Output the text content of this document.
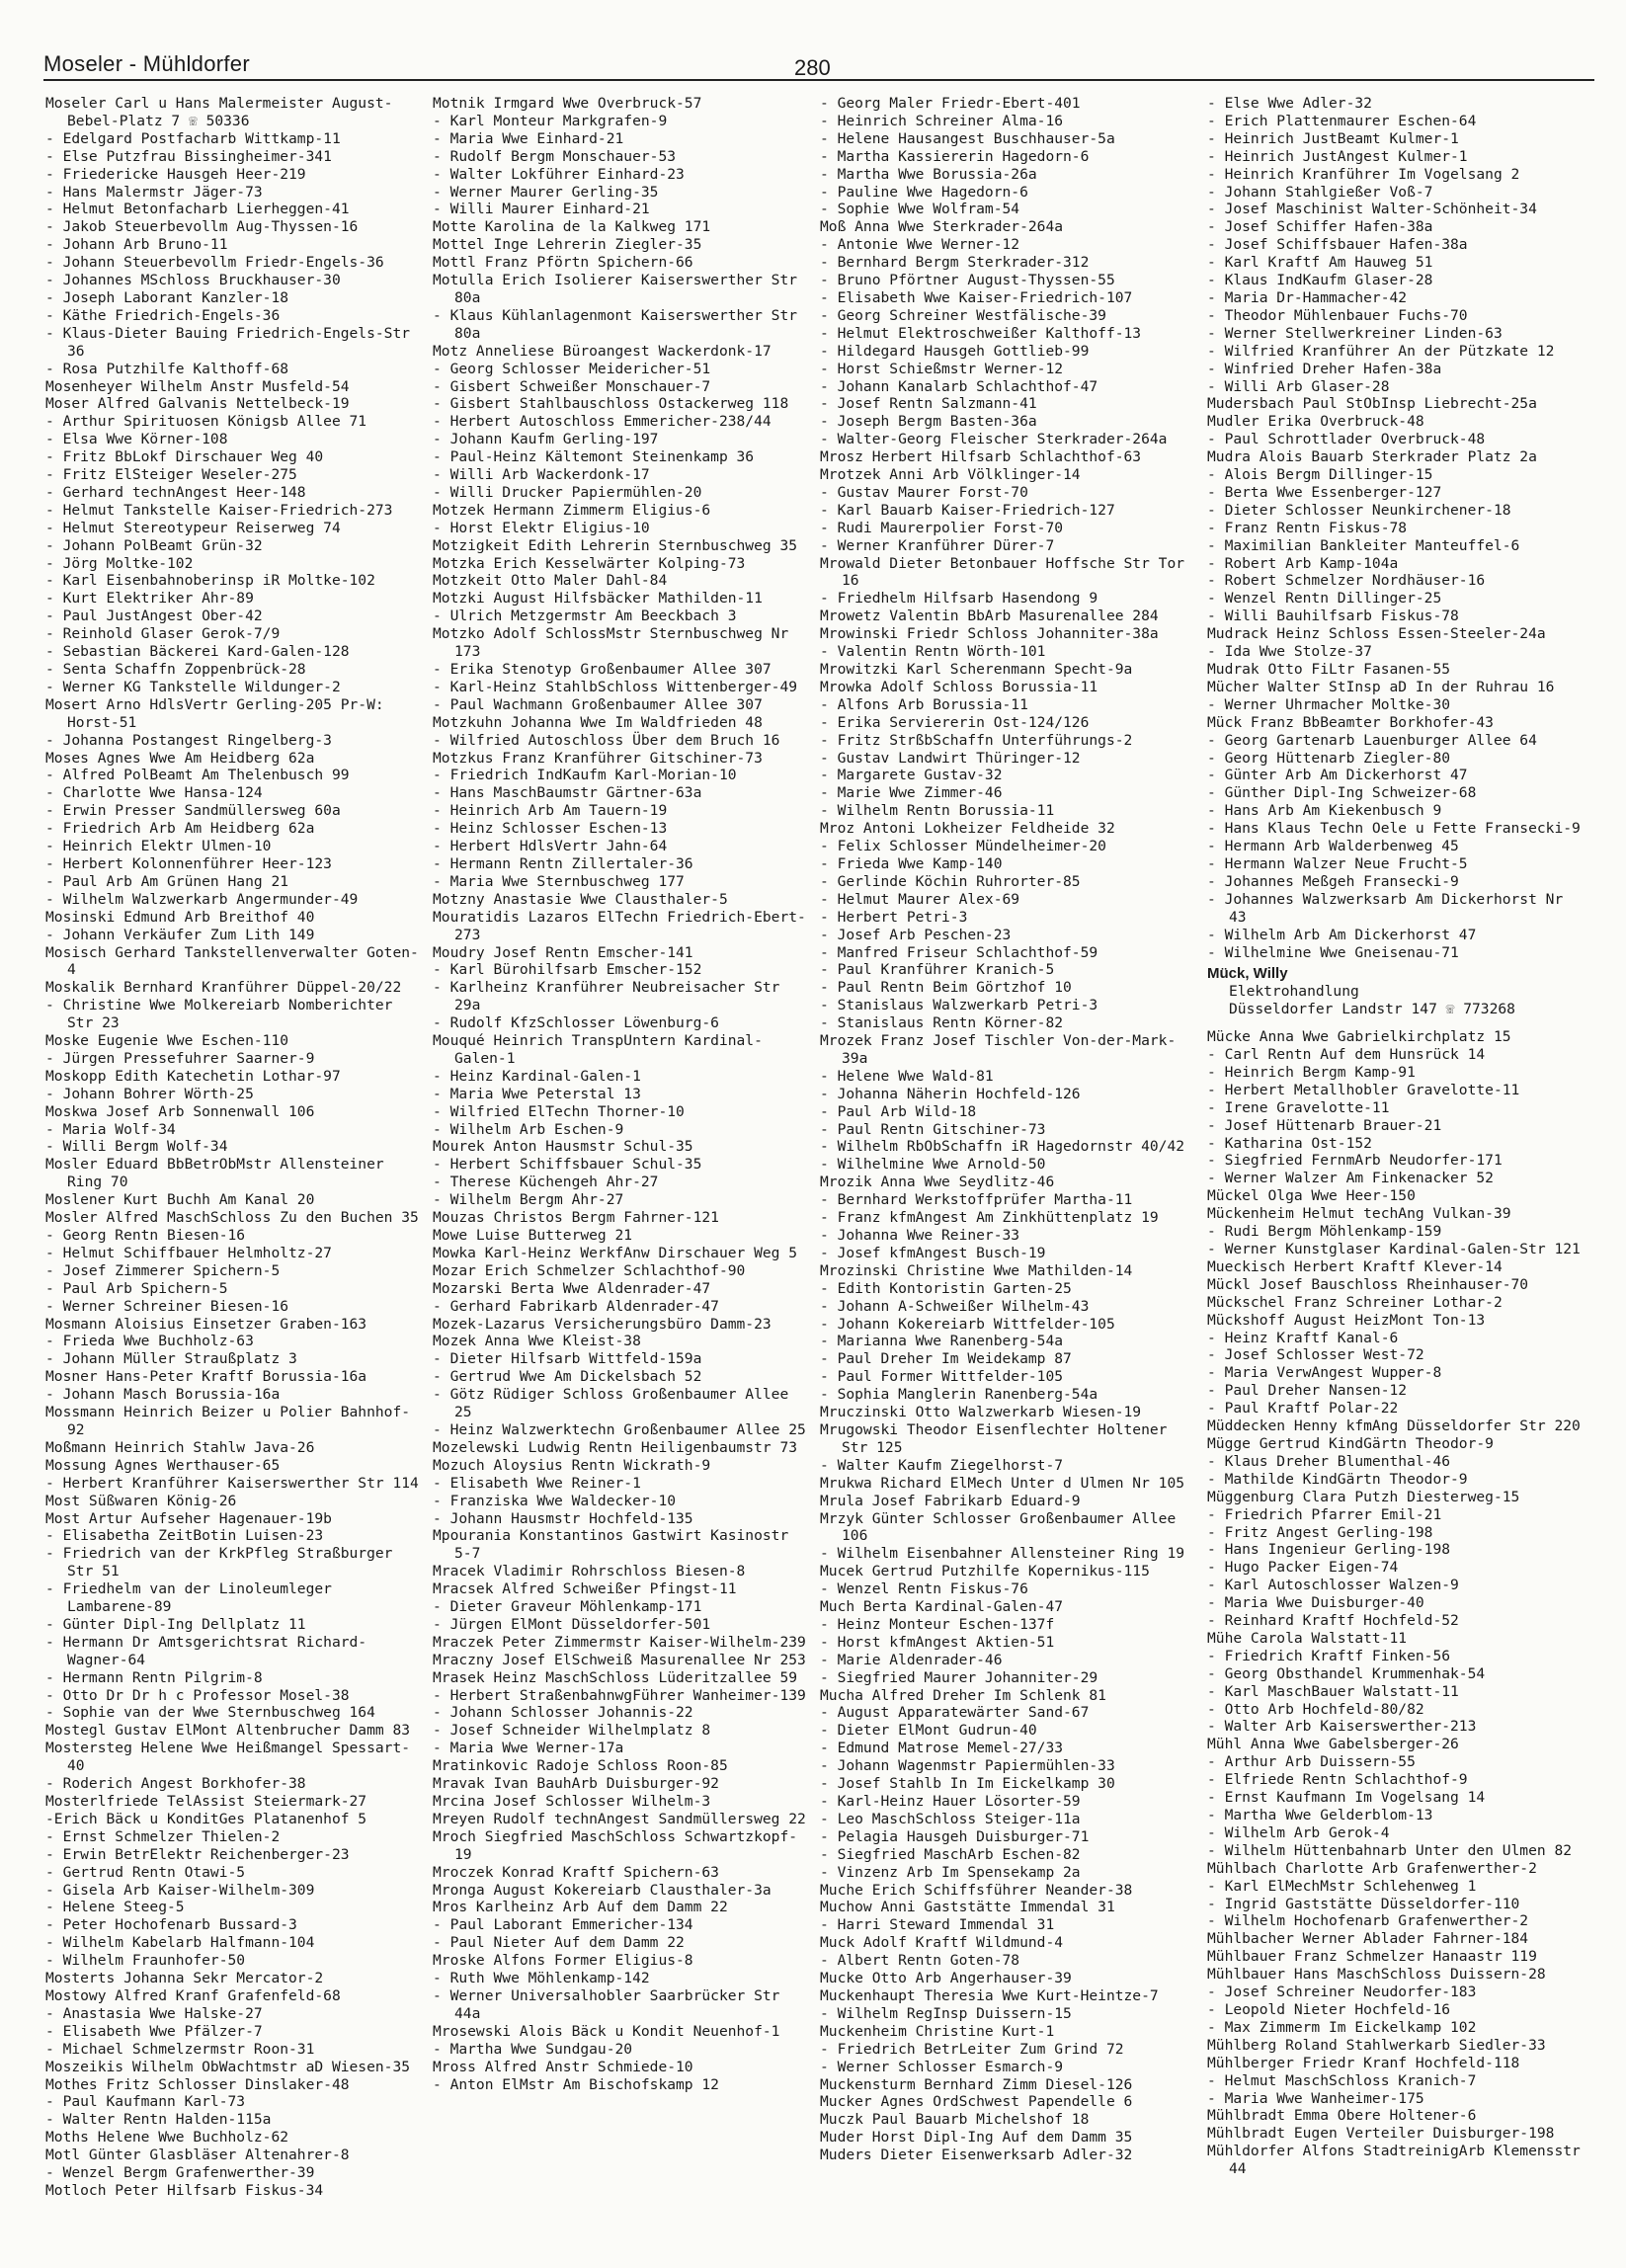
Moseler - Mühldorfer	280

Moseler Carl u Hans Malermeister August-Bebel-Platz 7 ☏ 50336

- Edelgard Postfacharb Wittkamp-11

- Else Putzfrau Bissingheimer-341

- Friedericke Hausgeh Heer-219

- Hans Malermstr Jäger-73

- Helmut Betonfacharb Lierheggen-41

- Jakob Steuerbevollm Aug-Thyssen-16

- Johann Arb Bruno-11

- Johann Steuerbevollm Friedr-Engels-36

- Johannes MSchloss Bruckhauser-30

- Joseph Laborant Kanzler-18

- Käthe Friedrich-Engels-36

- Klaus-Dieter Bauing Friedrich-Engels-Str 36

- Rosa Putzhilfe Kalthoff-68

Mosenheyer Wilhelm Anstr Musfeld-54

Moser Alfred Galvanis Nettelbeck-19

- Arthur Spirituosen Königsb Allee 71

- Elsa Wwe Körner-108

- Fritz BbLokf Dirschauer Weg 40

- Fritz ElSteiger Weseler-275

- Gerhard technAngest Heer-148

- Helmut Tankstelle Kaiser-Friedrich-273

- Helmut Stereotypeur Reiserweg 74

- Johann PolBeamt Grün-32

- Jörg Moltke-102

- Karl Eisenbahnoberinsp iR Moltke-102

- Kurt Elektriker Ahr-89

- Paul JustAngest Ober-42

- Reinhold Glaser Gerok-7/9

- Sebastian Bäckerei Kard-Galen-128

- Senta Schaffn Zoppenbrück-28

- Werner KG Tankstelle Wildunger-2

Mosert Arno HdlsVertr Gerling-205 Pr-W: Horst-51

- Johanna Postangest Ringelberg-3

Moses Agnes Wwe Am Heidberg 62a

- Alfred PolBeamt Am Thelenbusch 99

- Charlotte Wwe Hansa-124

- Erwin Presser Sandmüllersweg 60a

- Friedrich Arb Am Heidberg 62a

- Heinrich Elektr Ulmen-10

- Herbert Kolonnenführer Heer-123

- Paul Arb Am Grünen Hang 21

- Wilhelm Walzwerkarb Angermunder-49

Mosinski Edmund Arb Breithof 40

- Johann Verkäufer Zum Lith 149

Mosisch Gerhard Tankstellenverwalter Goten-4

Moskalik Bernhard Kranführer Düppel-20/22

- Christine Wwe Molkereiarb Nomberichter Str 23

Moske Eugenie Wwe Eschen-110

- Jürgen Pressefuhrer Saarner-9

Moskopp Edith Katechetin Lothar-97

- Johann Bohrer Wörth-25

Moskwa Josef Arb Sonnenwall 106

- Maria Wolf-34

- Willi Bergm Wolf-34

Mosler Eduard BbBetrObMstr Allensteiner Ring 70

Moslener Kurt Buchh Am Kanal 20

Mosler Alfred MaschSchloss Zu den Buchen 35

- Georg Rentn Biesen-16

- Helmut Schiffbauer Helmholtz-27

- Josef Zimmerer Spichern-5

- Paul Arb Spichern-5

- Werner Schreiner Biesen-16

Mosmann Aloisius Einsetzer Graben-163

- Frieda Wwe Buchholz-63

- Johann Müller Straußplatz 3

Mosner Hans-Peter Kraftf Borussia-16a

- Johann Masch Borussia-16a

Mossmann Heinrich Beizer u Polier Bahnhof-92

Moßmann Heinrich Stahlw Java-26

Mossung Agnes Werthauser-65

- Herbert Kranführer Kaiserswerther Str 114

Most Süßwaren König-26

Most Artur Aufseher Hagenauer-19b

- Elisabetha ZeitBotin Luisen-23

- Friedrich van der KrkPfleg Straßburger Str 51

- Friedhelm van der Linoleumleger Lambarene-89

- Günter Dipl-Ing Dellplatz 11

- Hermann Dr Amtsgerichtsrat Richard-Wagner-64

- Hermann Rentn Pilgrim-8

- Otto Dr Dr h c Professor Mosel-38

- Sophie van der Wwe Sternbuschweg 164

Mostegl Gustav ElMont Altenbrucher Damm 83

Mostersteg Helene Wwe Heißmangel Spessart-40

- Roderich Angest Borkhofer-38

Mosterlfriede TelAssist Steiermark-27

-Erich Bäck u KonditGes Platanenhof 5

- Ernst Schmelzer Thielen-2

- Erwin BetrElektr Reichenberger-23

- Gertrud Rentn Otawi-5

- Gisela Arb Kaiser-Wilhelm-309

- Helene Steeg-5

- Peter Hochofenarb Bussard-3

- Wilhelm Kabelarb Halfmann-104

- Wilhelm Fraunhofer-50

Mosterts Johanna Sekr Mercator-2

Mostowy Alfred Kranf Grafenfeld-68

- Anastasia Wwe Halske-27

- Elisabeth Wwe Pfälzer-7

- Michael Schmelzermstr Roon-31

Moszeikis Wilhelm ObWachtmstr aD Wiesen-35

Mothes Fritz Schlosser Dinslaker-48

- Paul Kaufmann Karl-73

- Walter Rentn Halden-115a

Moths Helene Wwe Buchholz-62

Motl Günter Glasbläser Altenahrer-8

- Wenzel Bergm Grafenwerther-39

Motloch Peter Hilfsarb Fiskus-34

Motnik Irmgard Wwe Overbruck-57

- Karl Monteur Markgrafen-9

- Maria Wwe Einhard-21

- Rudolf Bergm Monschauer-53

- Walter Lokführer Einhard-23

- Werner Maurer Gerling-35

- Willi Maurer Einhard-21

Motte Karolina de la Kalkweg 171

Mottel Inge Lehrerin Ziegler-35

Mottl Franz Pförtn Spichern-66

Motulla Erich Isolierer Kaiserswerther Str 80a

- Klaus Kühlanlagenmont Kaiserswerther Str 80a

Motz Anneliese Büroangest Wackerdonk-17

- Georg Schlosser Meidericher-51

- Gisbert Schweißer Monschauer-7

- Gisbert Stahlbauschloss Ostackerweg 118

- Herbert Autoschloss Emmericher-238/44

- Johann Kaufm Gerling-197

- Paul-Heinz Kältemont Steinenkamp 36

- Willi Arb Wackerdonk-17

- Willi Drucker Papiermühlen-20

Motzek Hermann Zimmerm Eligius-6

- Horst Elektr Eligius-10

Motzigkeit Edith Lehrerin Sternbuschweg 35

Motzka Erich Kesselwärter Kolping-73

Motzkeit Otto Maler Dahl-84

Motzki August Hilfsbäcker Mathilden-11

- Ulrich Metzgermstr Am Beeckbach 3

Motzko Adolf SchlossMstr Sternbuschweg Nr 173

- Erika Stenotyp Großenbaumer Allee 307

- Karl-Heinz StahlbSchloss Wittenberger-49

- Paul Wachmann Großenbaumer Allee 307

Motzkuhn Johanna Wwe Im Waldfrieden 48

- Wilfried Autoschloss Über dem Bruch 16

Motzkus Franz Kranführer Gitschiner-73

- Friedrich IndKaufm Karl-Morian-10

- Hans MaschBaumstr Gärtner-63a

- Heinrich Arb Am Tauern-19

- Heinz Schlosser Eschen-13

- Herbert HdlsVertr Jahn-64

- Hermann Rentn Zillertaler-36

- Maria Wwe Sternbuschweg 177

Motzny Anastasie Wwe Clausthaler-5

Mouratidis Lazaros ElTechn Friedrich-Ebert-273

Moudry Josef Rentn Emscher-141

- Karl Bürohilfsarb Emscher-152

- Karlheinz Kranführer Neubreisacher Str 29a

- Rudolf KfzSchlosser Löwenburg-6

Mouqué Heinrich TranspUntern Kardinal-Galen-1

- Heinz Kardinal-Galen-1

- Maria Wwe Peterstal 13

- Wilfried ElTechn Thorner-10

- Wilhelm Arb Eschen-9

Mourek Anton Hausmstr Schul-35

- Herbert Schiffsbauer Schul-35

- Therese Küchengeh Ahr-27

- Wilhelm Bergm Ahr-27

Mouzas Christos Bergm Fahrner-121

Mowe Luise Butterweg 21

Mowka Karl-Heinz WerkfAnw Dirschauer Weg 5

Mozar Erich Schmelzer Schlachthof-90

Mozarski Berta Wwe Aldenrader-47

- Gerhard Fabrikarb Aldenrader-47

Mozek-Lazarus Versicherungsbüro Damm-23

Mozek Anna Wwe Kleist-38

- Dieter Hilfsarb Wittfeld-159a

- Gertrud Wwe Am Dickelsbach 52

- Götz Rüdiger Schloss Großenbaumer Allee 25

- Heinz Walzwerktechn Großenbaumer Allee 25

Mozelewski Ludwig Rentn Heiligenbaumstr 73

Mozuch Aloysius Rentn Wickrath-9

- Elisabeth Wwe Reiner-1

- Franziska Wwe Waldecker-10

- Johann Hausmstr Hochfeld-135

Mpourania Konstantinos Gastwirt Kasinostr 5-7

Mracek Vladimir Rohrschloss Biesen-8

Mracsek Alfred Schweißer Pfingst-11

- Dieter Graveur Möhlenkamp-171

- Jürgen ElMont Düsseldorfer-501

Mraczek Peter Zimmermstr Kaiser-Wilhelm-239

Mraczny Josef ElSchweiß Masurenallee Nr 253

Mrasek Heinz MaschSchloss Lüderitzallee 59

- Herbert StraßenbahnwgFührer Wanheimer-139

- Johann Schlosser Johannis-22

- Josef Schneider Wilhelmplatz 8

- Maria Wwe Werner-17a

Mratinkovic Radoje Schloss Roon-85

Mravak Ivan BauhArb Duisburger-92

Mrcina Josef Schlosser Wilhelm-3

Mreyen Rudolf technAngest Sandmüllersweg 22

Mroch Siegfried MaschSchloss Schwartzkopf-19

Mroczek Konrad Kraftf Spichern-63

Mronga August Kokereiarb Clausthaler-3a

Mros Karlheinz Arb Auf dem Damm 22

- Paul Laborant Emmericher-134

- Paul Nieter Auf dem Damm 22

Mroske Alfons Former Eligius-8

- Ruth Wwe Möhlenkamp-142

- Werner Universalhobler Saarbrücker Str 44a

Mrosewski Alois Bäck u Kondit Neuenhof-1

- Martha Wwe Sundgau-20

Mross Alfred Anstr Schmiede-10

- Anton ElMstr Am Bischofskamp 12

- Georg Maler Friedr-Ebert-401

- Heinrich Schreiner Alma-16

- Helene Hausangest Buschhauser-5a

- Martha Kassiererin Hagedorn-6

- Martha Wwe Borussia-26a

- Pauline Wwe Hagedorn-6

- Sophie Wwe Wolfram-54

Moß Anna Wwe Sterkrader-264a

- Antonie Wwe Werner-12

- Bernhard Bergm Sterkrader-312

- Bruno Pförtner August-Thyssen-55

- Elisabeth Wwe Kaiser-Friedrich-107

- Georg Schreiner Westfälische-39

- Helmut Elektroschweißer Kalthoff-13

- Hildegard Hausgeh Gottlieb-99

- Horst Schießmstr Werner-12

- Johann Kanalarb Schlachthof-47

- Josef Rentn Salzmann-41

- Joseph Bergm Basten-36a

- Walter-Georg Fleischer Sterkrader-264a

Mrosz Herbert Hilfsarb Schlachthof-63

Mrotzek Anni Arb Völklinger-14

- Gustav Maurer Forst-70

- Karl Bauarb Kaiser-Friedrich-127

- Rudi Maurerpolier Forst-70

- Werner Kranführer Dürer-7

Mrowald Dieter Betonbauer Hoffsche Str Tor 16

- Friedhelm Hilfsarb Hasendong 9

Mrowetz Valentin BbArb Masurenallee 284

Mrowinski Friedr Schloss Johanniter-38a

- Valentin Rentn Wörth-101

Mrowitzki Karl Scherenmann Specht-9a

Mrowka Adolf Schloss Borussia-11

- Alfons Arb Borussia-11

- Erika Serviererin Ost-124/126

- Fritz StrßbSchaffn Unterführungs-2

- Gustav Landwirt Thüringer-12

- Margarete Gustav-32

- Marie Wwe Zimmer-46

- Wilhelm Rentn Borussia-11

Mroz Antoni Lokheizer Feldheide 32

- Felix Schlosser Mündelheimer-20

- Frieda Wwe Kamp-140

- Gerlinde Köchin Ruhrorter-85

- Helmut Maurer Alex-69

- Herbert Petri-3

- Josef Arb Peschen-23

- Manfred Friseur Schlachthof-59

- Paul Kranführer Kranich-5

- Paul Rentn Beim Görtzhof 10

- Stanislaus Walzwerkarb Petri-3

- Stanislaus Rentn Körner-82

Mrozek Franz Josef Tischler Von-der-Mark-39a

- Helene Wwe Wald-81

- Johanna Näherin Hochfeld-126

- Paul Arb Wild-18

- Paul Rentn Gitschiner-73

- Wilhelm RbObSchaffn iR Hagedornstr 40/42

- Wilhelmine Wwe Arnold-50

Mrozik Anna Wwe Seydlitz-46

- Bernhard Werkstoffprüfer Martha-11

- Franz kfmAngest Am Zinkhüttenplatz 19

- Johanna Wwe Reiner-33

- Josef kfmAngest Busch-19

Mrozinski Christine Wwe Mathilden-14

- Edith Kontoristin Garten-25

- Johann A-Schweißer Wilhelm-43

- Johann Kokereiarb Wittfelder-105

- Marianna Wwe Ranenberg-54a

- Paul Dreher Im Weidekamp 87

- Paul Former Wittfelder-105

- Sophia Manglerin Ranenberg-54a

Mruczinski Otto Walzwerkarb Wiesen-19

Mrugowski Theodor Eisenflechter Holtener Str 125

- Walter Kaufm Ziegelhorst-7

Mrukwa Richard ElMech Unter d Ulmen Nr 105

Mrula Josef Fabrikarb Eduard-9

Mrzyk Günter Schlosser Großenbaumer Allee 106

- Wilhelm Eisenbahner Allensteiner Ring 19

Mucek Gertrud Putzhilfe Kopernikus-115

- Wenzel Rentn Fiskus-76

Much Berta Kardinal-Galen-47

- Heinz Monteur Eschen-137f

- Horst kfmAngest Aktien-51

- Marie Aldenrader-46

- Siegfried Maurer Johanniter-29

Mucha Alfred Dreher Im Schlenk 81

- August Apparatewärter Sand-67

- Dieter ElMont Gudrun-40

- Edmund Matrose Memel-27/33

- Johann Wagenmstr Papiermühlen-33

- Josef Stahlb In Im Eickelkamp 30

- Karl-Heinz Hauer Lösorter-59

- Leo MaschSchloss Steiger-11a

- Pelagia Hausgeh Duisburger-71

- Siegfried MaschArb Eschen-82

- Vinzenz Arb Im Spensekamp 2a

Muche Erich Schiffsführer Neander-38

Muchow Anni Gaststätte Immendal 31

- Harri Steward Immendal 31

Muck Adolf Kraftf Wildmund-4

- Albert Rentn Goten-78

Mucke Otto Arb Angerhauser-39

Muckenhaupt Theresia Wwe Kurt-Heintze-7

- Wilhelm RegInsp Duissern-15

Muckenheim Christine Kurt-1

- Friedrich BetrLeiter Zum Grind 72

- Werner Schlosser Esmarch-9

Muckensturm Bernhard Zimm Diesel-126

Mucker Agnes OrdSchwest Papendelle 6

Muczk Paul Bauarb Michelshof 18

Muder Horst Dipl-Ing Auf dem Damm 35

Muders Dieter Eisenwerksarb Adler-32

- Else Wwe Adler-32

- Erich Plattenmaurer Eschen-64

- Heinrich JustBeamt Kulmer-1

- Heinrich JustAngest Kulmer-1

- Heinrich Kranführer Im Vogelsang 2

- Johann Stahlgießer Voß-7

- Josef Maschinist Walter-Schönheit-34

- Josef Schiffer Hafen-38a

- Josef Schiffsbauer Hafen-38a

- Karl Kraftf Am Hauweg 51

- Klaus IndKaufm Glaser-28

- Maria Dr-Hammacher-42

- Theodor Mühlenbauer Fuchs-70

- Werner Stellwerkreiner Linden-63

- Wilfried Kranführer An der Pützkate 12

- Winfried Dreher Hafen-38a

- Willi Arb Glaser-28

Mudersbach Paul StObInsp Liebrecht-25a

Mudler Erika Overbruck-48

- Paul Schrottlader Overbruck-48

Mudra Alois Bauarb Sterkrader Platz 2a

- Alois Bergm Dillinger-15

- Berta Wwe Essenberger-127

- Dieter Schlosser Neunkirchener-18

- Franz Rentn Fiskus-78

- Maximilian Bankleiter Manteuffel-6

- Robert Arb Kamp-104a

- Robert Schmelzer Nordhäuser-16

- Wenzel Rentn Dillinger-25

- Willi Bauhilfsarb Fiskus-78

Mudrack Heinz Schloss Essen-Steeler-24a

- Ida Wwe Stolze-37

Mudrak Otto FiLtr Fasanen-55

Mücher Walter StInsp aD In der Ruhrau 16

- Werner Uhrmacher Moltke-30

Mück Franz BbBeamter Borkhofer-43

- Georg Gartenarb Lauenburger Allee 64

- Georg Hüttenarb Ziegler-80

- Günter Arb Am Dickerhorst 47

- Günther Dipl-Ing Schweizer-68

- Hans Arb Am Kiekenbusch 9

- Hans Klaus Techn Oele u Fette Fransecki-9

- Hermann Arb Walderbenweg 45

- Hermann Walzer Neue Frucht-5

- Johannes Meßgeh Fransecki-9

- Johannes Walzwerksarb Am Dickerhorst Nr 43

- Wilhelm Arb Am Dickerhorst 47

- Wilhelmine Wwe Gneisenau-71

Mück, Willy

Elektrohandlung

Düsseldorfer Landstr 147 ☏ 773268

Mücke Anna Wwe Gabrielkirchplatz 15

- Carl Rentn Auf dem Hunsrück 14

- Heinrich Bergm Kamp-91

- Herbert Metallhobler Gravelotte-11

- Irene Gravelotte-11

- Josef Hüttenarb Brauer-21

- Katharina Ost-152

- Siegfried FernmArb Neudorfer-171

- Werner Walzer Am Finkenacker 52

Mückel Olga Wwe Heer-150

Mückenheim Helmut techAng Vulkan-39

- Rudi Bergm Möhlenkamp-159

- Werner Kunstglaser Kardinal-Galen-Str 121

Mueckisch Herbert Kraftf Klever-14

Mückl Josef Bauschloss Rheinhauser-70

Mückschel Franz Schreiner Lothar-2

Mückshoff August HeizMont Ton-13

- Heinz Kraftf Kanal-6

- Josef Schlosser West-72

- Maria VerwAngest Wupper-8

- Paul Dreher Nansen-12

- Paul Kraftf Polar-22

Müddecken Henny kfmAng Düsseldorfer Str 220

Mügge Gertrud KindGärtn Theodor-9

- Klaus Dreher Blumenthal-46

- Mathilde KindGärtn Theodor-9

Müggenburg Clara Putzh Diesterweg-15

- Friedrich Pfarrer Emil-21

- Fritz Angest Gerling-198

- Hans Ingenieur Gerling-198

- Hugo Packer Eigen-74

- Karl Autoschlosser Walzen-9

- Maria Wwe Duisburger-40

- Reinhard Kraftf Hochfeld-52

Mühe Carola Walstatt-11

- Friedrich Kraftf Finken-56

- Georg Obsthandel Krummenhak-54

- Karl MaschBauer Walstatt-11

- Otto Arb Hochfeld-80/82

- Walter Arb Kaiserswerther-213

Mühl Anna Wwe Gabelsberger-26

- Arthur Arb Duissern-55

- Elfriede Rentn Schlachthof-9

- Ernst Kaufmann Im Vogelsang 14

- Martha Wwe Gelderblom-13

- Wilhelm Arb Gerok-4

- Wilhelm Hüttenbahnarb Unter den Ulmen 82

Mühlbach Charlotte Arb Grafenwerther-2

- Karl ElMechMstr Schlehenweg 1

- Ingrid Gaststätte Düsseldorfer-110

- Wilhelm Hochofenarb Grafenwerther-2

Mühlbacher Werner Ablader Fahrner-184

Mühlbauer Franz Schmelzer Hanaastr 119

Mühlbauer Hans MaschSchloss Duissern-28

- Josef Schreiner Neudorfer-183

- Leopold Nieter Hochfeld-16

- Max Zimmerm Im Eickelkamp 102

Mühlberg Roland Stahlwerkarb Siedler-33

Mühlberger Friedr Kranf Hochfeld-118

- Helmut MaschSchloss Kranich-7

- Maria Wwe Wanheimer-175

Mühlbradt Emma Obere Holtener-6

Mühlbradt Eugen Verteiler Duisburger-198

Mühldorfer Alfons StadtreinigArb Klemensstr 44
